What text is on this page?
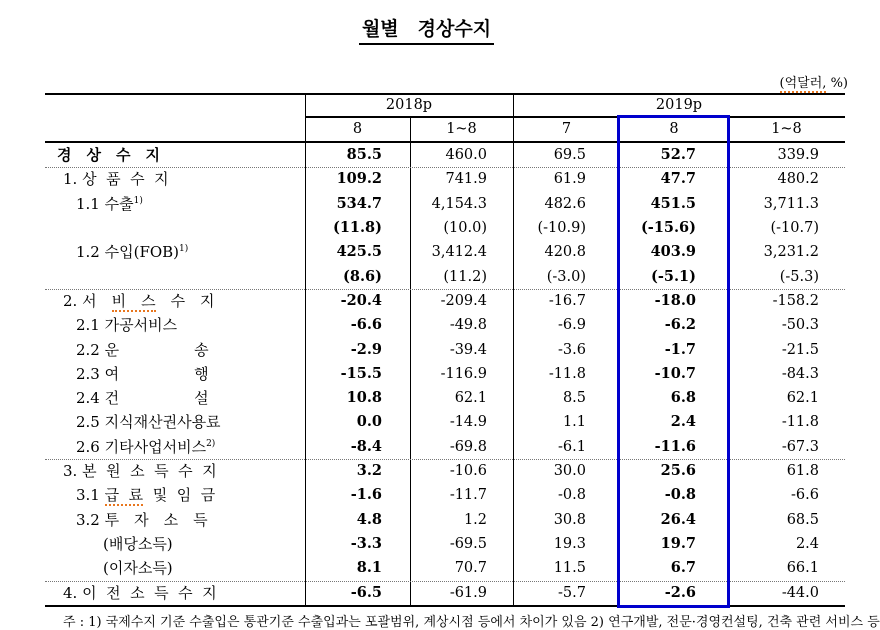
월별　경상수지
(억달러, %)
2018p	2019p
8	1~8	7	8	1~8
경　상　수　지	85.5	460.0	69.5	52.7	339.9
1. 상  품  수  지	109.2	741.9	61.9	47.7	480.2
1.1 수출$^{1)}$	534.7	4,154.3	482.6	451.5	3,711.3
(11.8)	(10.0)	(-10.9)	(-15.6)	(-10.7)
1.2 수입(FOB)$^{1)}$	425.5	3,412.4	420.8	403.9	3,231.2
(8.6)	(11.2)	(-3.0)	(-5.1)	(-5.3)
2. 서　비　스　수　지	-20.4	-209.4	-16.7	-18.0	-158.2
2.1 가공서비스	-6.6	-49.8	-6.9	-6.2	-50.3
2.2 운　　　　　송	-2.9	-39.4	-3.6	-1.7	-21.5
2.3 여　　　　　행	-15.5	-116.9	-11.8	-10.7	-84.3
2.4 건　　　　　설	10.8	62.1	8.5	6.8	62.1
2.5 지식재산권사용료	0.0	-14.9	1.1	2.4	-11.8
2.6 기타사업서비스$^{2)}$	-8.4	-69.8	-6.1	-11.6	-67.3
3. 본  원  소  득  수  지	3.2	-10.6	30.0	25.6	61.8
3.1 급  료  및  임  금	-1.6	-11.7	-0.8	-0.8	-6.6
3.2 투　자　소　득	4.8	1.2	30.8	26.4	68.5
(배당소득)	-3.3	-69.5	19.3	19.7	2.4
(이자소득)	8.1	70.7	11.5	6.7	66.1
4. 이  전  소  득  수  지	-6.5	-61.9	-5.7	-2.6	-44.0
주 : 1) 국제수지 기준 수출입은 통관기준 수출입과는 포괄범위, 계상시점 등에서 차이가 있음 2) 연구개발, 전문·경영컨설팅, 건축 관련 서비스 등
